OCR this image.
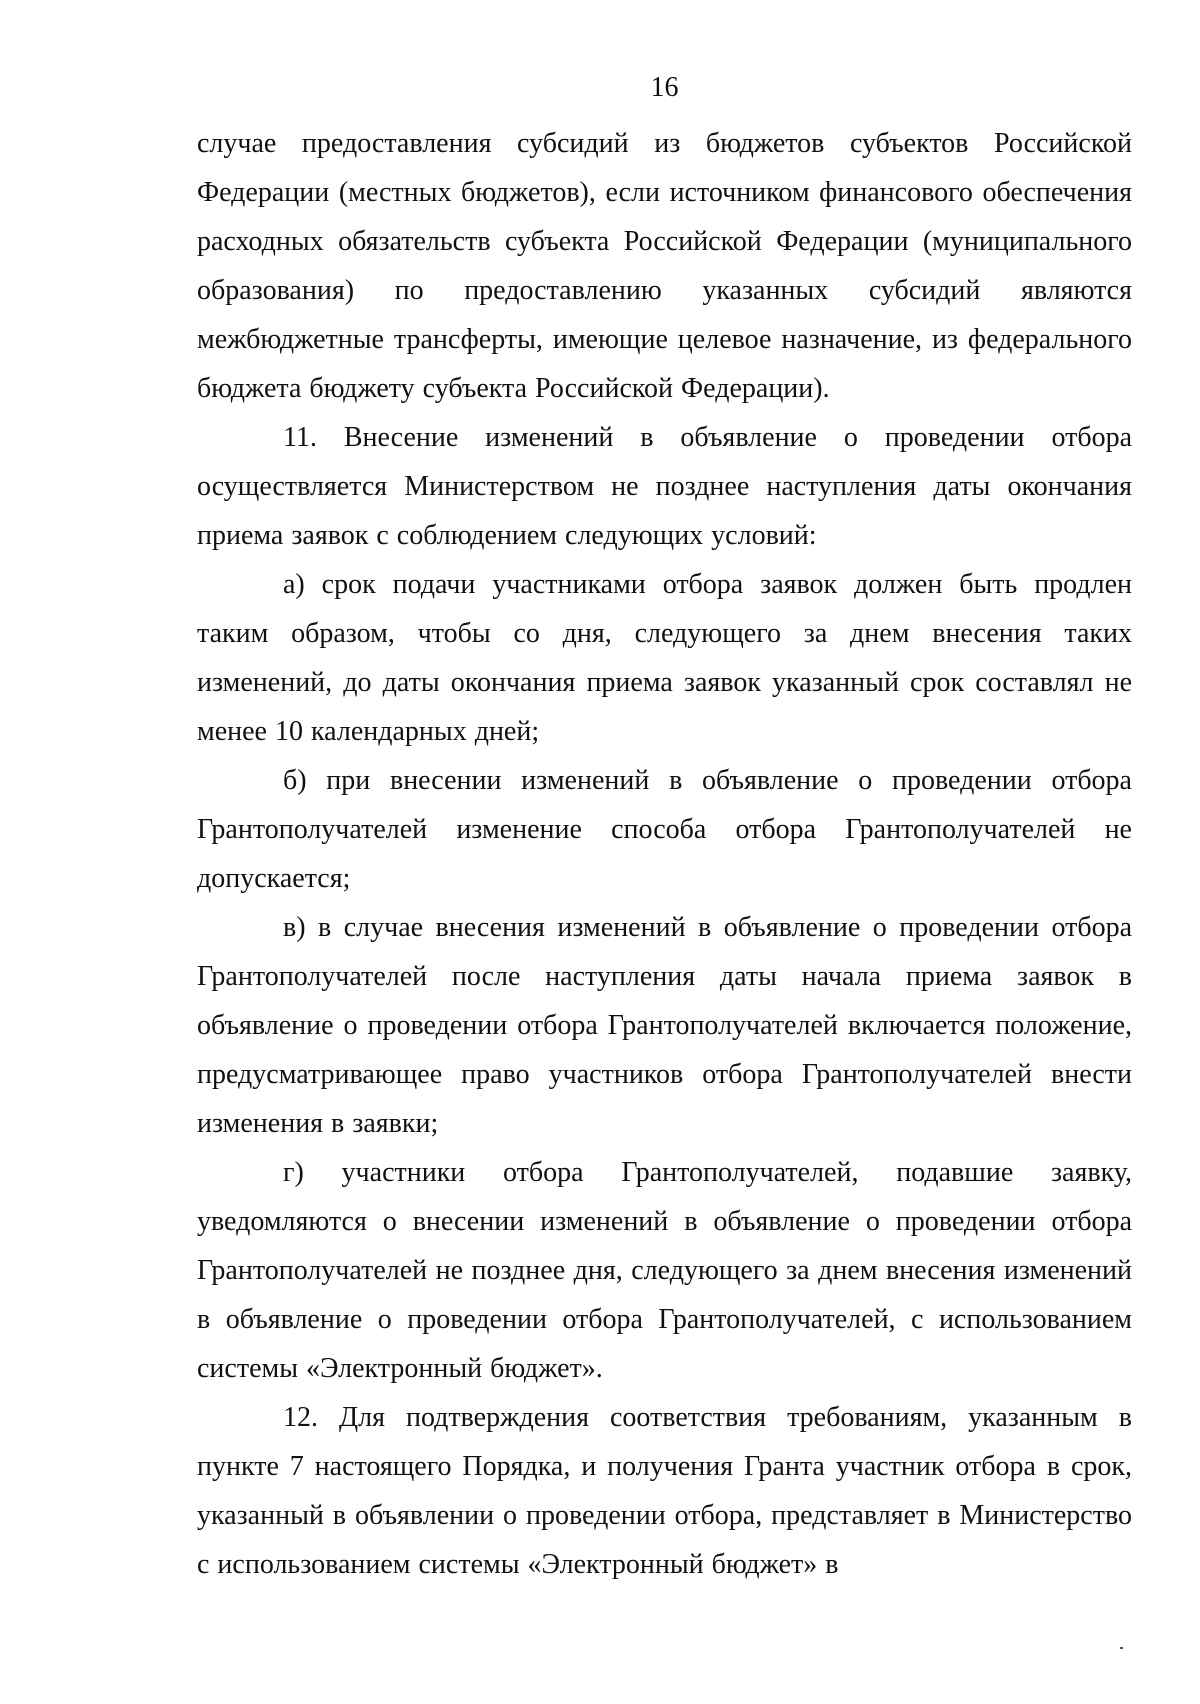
16

случае предоставления субсидий из бюджетов субъектов Российской Федерации (местных бюджетов), если источником финансового обеспечения расходных обязательств субъекта Российской Федерации (муниципального образования) по предоставлению указанных субсидий являются межбюджетные трансферты, имеющие целевое назначение, из федерального бюджета бюджету субъекта Российской Федерации).

11. Внесение изменений в объявление о проведении отбора осуществляется Министерством не позднее наступления даты окончания приема заявок с соблюдением следующих условий:

а) срок подачи участниками отбора заявок должен быть продлен таким образом, чтобы со дня, следующего за днем внесения таких изменений, до даты окончания приема заявок указанный срок составлял не менее 10 календарных дней;

б) при внесении изменений в объявление о проведении отбора Грантополучателей изменение способа отбора Грантополучателей не допускается;

в) в случае внесения изменений в объявление о проведении отбора Грантополучателей после наступления даты начала приема заявок в объявление о проведении отбора Грантополучателей включается положение, предусматривающее право участников отбора Грантополучателей внести изменения в заявки;

г) участники отбора Грантополучателей, подавшие заявку, уведомляются о внесении изменений в объявление о проведении отбора Грантополучателей не позднее дня, следующего за днем внесения изменений в объявление о проведении отбора Грантополучателей, с использованием системы «Электронный бюджет».

12. Для подтверждения соответствия требованиям, указанным в пункте 7 настоящего Порядка, и получения Гранта участник отбора в срок, указанный в объявлении о проведении отбора, представляет в Министерство с использованием системы «Электронный бюджет» в
